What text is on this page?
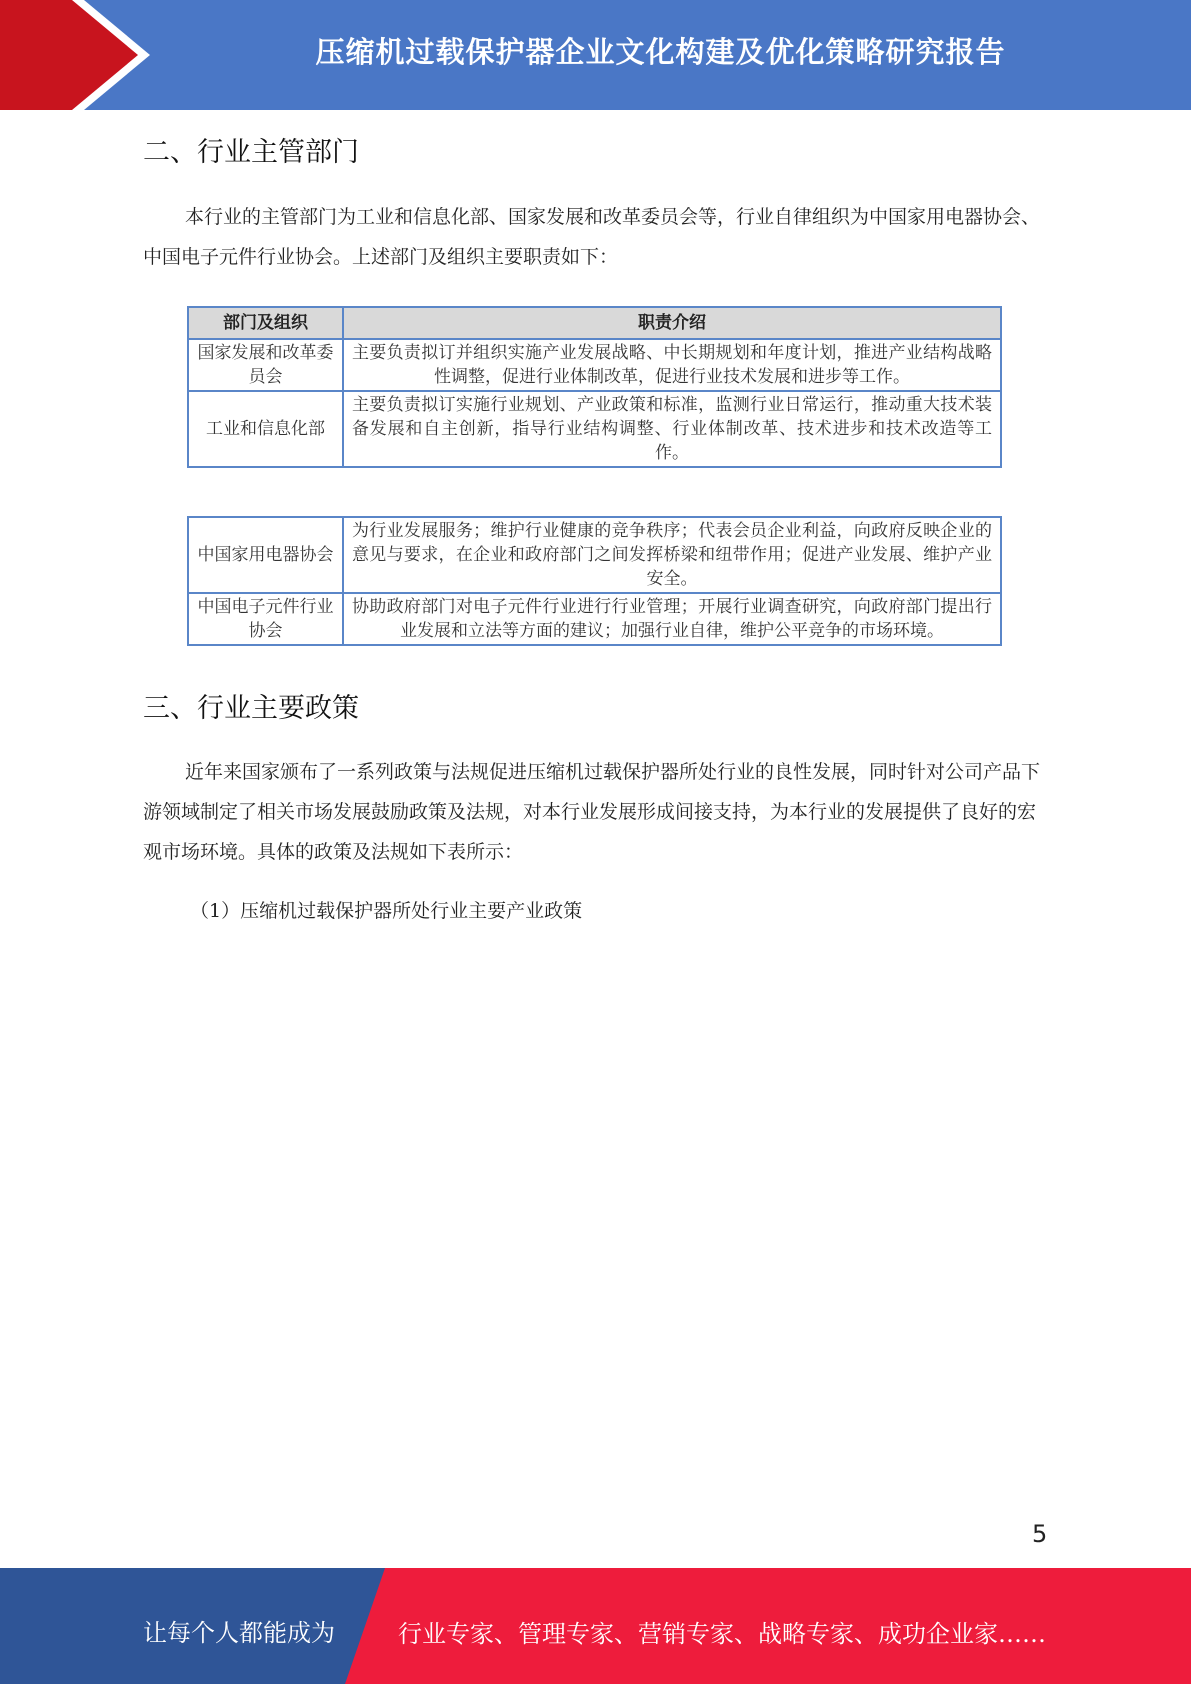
压缩机过载保护器企业文化构建及优化策略研究报告
二、行业主管部门
本行业的主管部门为工业和信息化部、国家发展和改革委员会等，行业自律组织为中国家用电器协会、中国电子元件行业协会。上述部门及组织主要职责如下：
部门及组织	职责介绍
国家发展和改革委员会	主要负责拟订并组织实施产业发展战略、中长期规划和年度计划，推进产业结构战略性调整，促进行业体制改革，促进行业技术发展和进步等工作。
工业和信息化部	主要负责拟订实施行业规划、产业政策和标准，监测行业日常运行，推动重大技术装备发展和自主创新，指导行业结构调整、行业体制改革、技术进步和技术改造等工作。
中国家用电器协会	为行业发展服务；维护行业健康的竞争秩序；代表会员企业利益，向政府反映企业的意见与要求，在企业和政府部门之间发挥桥梁和纽带作用；促进产业发展、维护产业安全。
中国电子元件行业协会	协助政府部门对电子元件行业进行行业管理；开展行业调查研究，向政府部门提出行业发展和立法等方面的建议；加强行业自律，维护公平竞争的市场环境。
三、行业主要政策
近年来国家颁布了一系列政策与法规促进压缩机过载保护器所处行业的良性发展，同时针对公司产品下游领域制定了相关市场发展鼓励政策及法规，对本行业发展形成间接支持，为本行业的发展提供了良好的宏观市场环境。具体的政策及法规如下表所示：
（1）压缩机过载保护器所处行业主要产业政策
5
让每个人都能成为	行业专家、管理专家、营销专家、战略专家、成功企业家……
